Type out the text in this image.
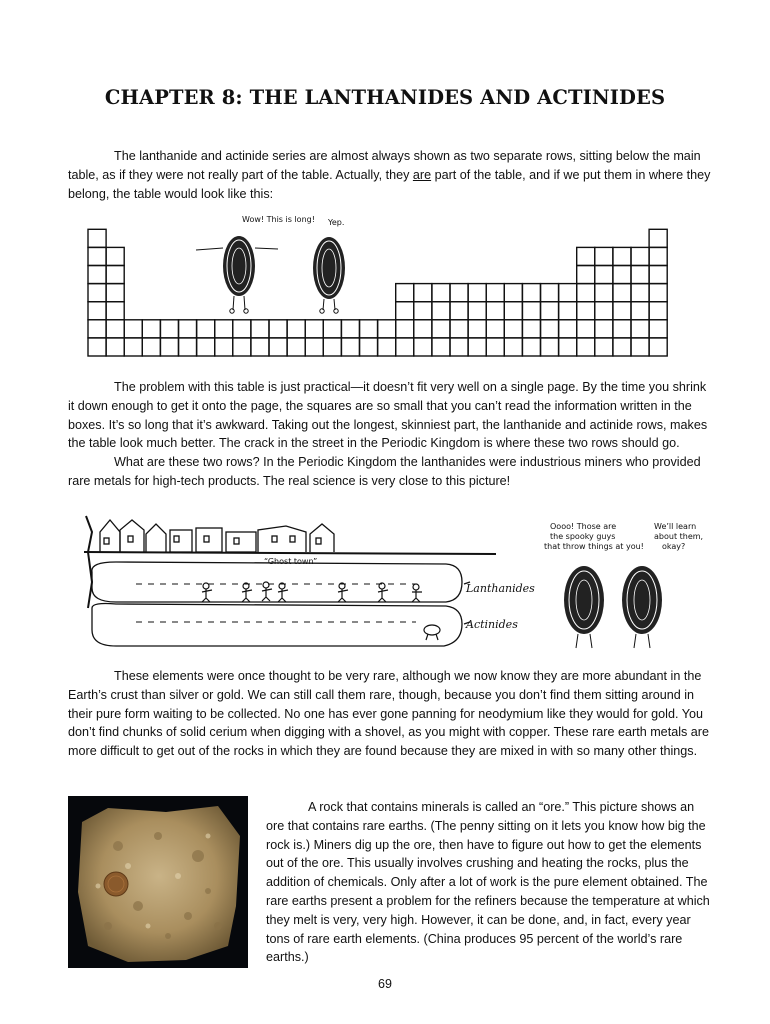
CHAPTER 8: THE LANTHANIDES AND ACTINIDES

The lanthanide and actinide series are almost always shown as two separate rows, sitting below the main table, as if they were not really part of the table. Actually, they are part of the table, and if we put them in where they belong, the table would look like this:

Wow! This is long! Yep.

The problem with this table is just practical—it doesn’t fit very well on a single page. By the time you shrink it down enough to get it onto the page, the squares are so small that you can’t read the information written in the boxes. It’s so long that it’s awkward. Taking out the longest, skinniest part, the lanthanide and actinide rows, makes the table look much better. The crack in the street in the Periodic Kingdom is where these two rows should go.
What are these two rows? In the Periodic Kingdom the lanthanides were industrious miners who provided rare metals for high-tech products. The real science is very close to this picture!

“Ghost town”
Lanthanides
Actinides
Oooo! Those are
the spooky guys
that throw things at you!
We’ll learn
about them,
okay?

These elements were once thought to be very rare, although we now know they are more abundant in the Earth’s crust than silver or gold. We can still call them rare, though, because you don’t find them sitting around in their pure form waiting to be collected. No one has ever gone panning for neodymium like they would for gold. You don’t find chunks of solid cerium when digging with a shovel, as you might with copper. These rare earth metals are more difficult to get out of the rocks in which they are found because they are mixed in with so many other things.

A rock that contains minerals is called an “ore.” This picture shows an ore that contains rare earths. (The penny sitting on it lets you know how big the rock is.) Miners dig up the ore, then have to figure out how to get the elements out of the ore. This usually involves crushing and heating the rocks, plus the addition of chemicals. Only after a lot of work is the pure element obtained. The rare earths present a problem for the refiners because the temperature at which they melt is very, very high. However, it can be done, and, in fact, every year tons of rare earth elements. (China produces 95 percent of the world’s rare earths.)

69
